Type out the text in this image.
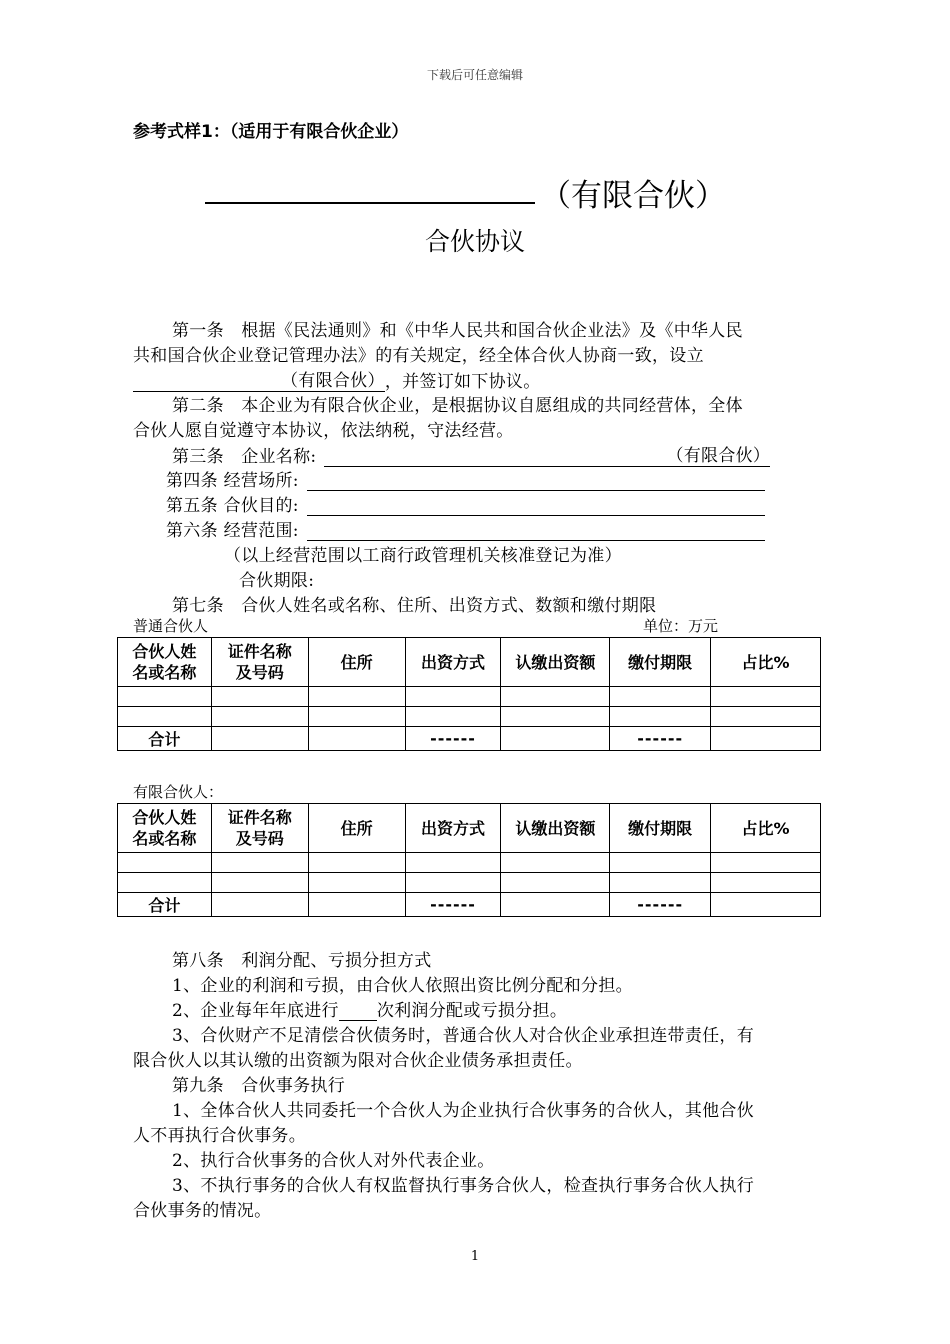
下载后可任意编辑
参考式样1：（适用于有限合伙企业）
（有限合伙）
合伙协议
第一条　根据《民法通则》和《中华人民共和国合伙企业法》及《中华人民
共和国合伙企业登记管理办法》的有关规定，经全体合伙人协商一致，设立
（有限合伙），并签订如下协议。
第二条　本企业为有限合伙企业，是根据协议自愿组成的共同经营体，全体
合伙人愿自觉遵守本协议，依法纳税，守法经营。
第三条　企业名称:	（有限合伙）
第四条 经营场所:
第五条 合伙目的:
第六条 经营范围:
（以上经营范围以工商行政管理机关核准登记为准）
合伙期限:
第七条　合伙人姓名或名称、住所、出资方式、数额和缴付期限
普通合伙人	单位：万元
合伙人姓
名或名称	证件名称
及号码	住所	出资方式	认缴出资额	缴付期限	占比%

合计			------		------	
有限合伙人：
合伙人姓
名或名称	证件名称
及号码	住所	出资方式	认缴出资额	缴付期限	占比%

合计			------		------	
第八条　利润分配、亏损分担方式
1、企业的利润和亏损，由合伙人依照出资比例分配和分担。
2、企业每年年底进行 次利润分配或亏损分担。
3、合伙财产不足清偿合伙债务时，普通合伙人对合伙企业承担连带责任，有
限合伙人以其认缴的出资额为限对合伙企业债务承担责任。
第九条　合伙事务执行
1、全体合伙人共同委托一个合伙人为企业执行合伙事务的合伙人，其他合伙
人不再执行合伙事务。
2、执行合伙事务的合伙人对外代表企业。
3、不执行事务的合伙人有权监督执行事务合伙人，检查执行事务合伙人执行
合伙事务的情况。
1
